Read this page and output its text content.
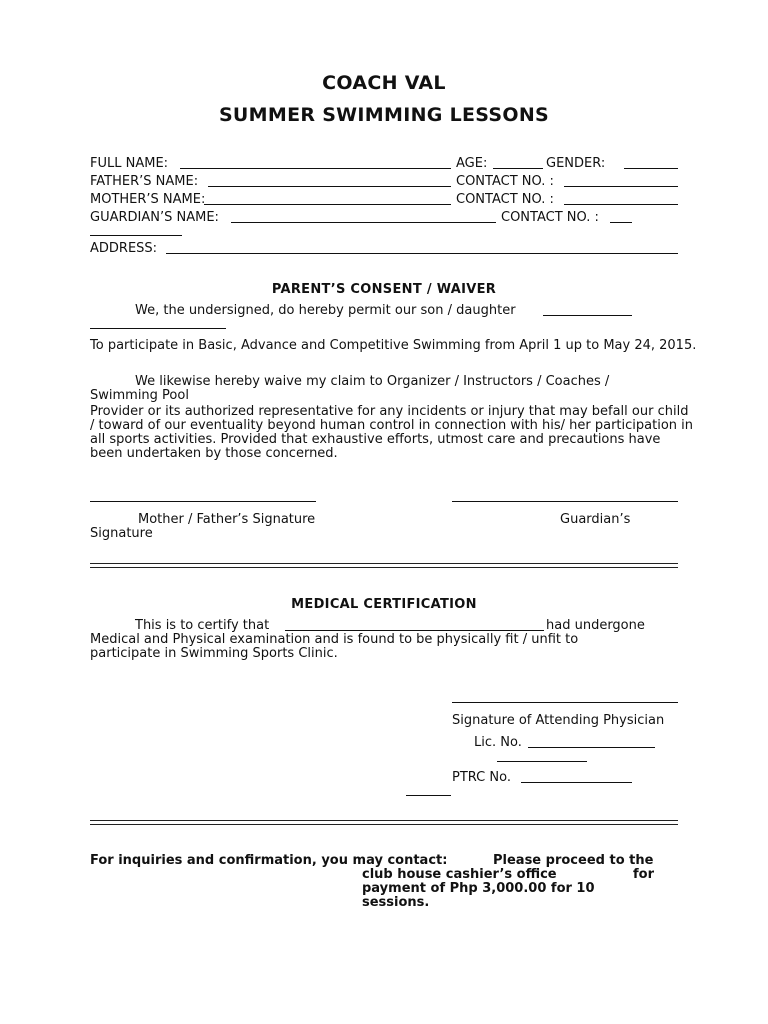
COACH VAL
SUMMER SWIMMING LESSONS
FULL NAME:	AGE:	GENDER:
FATHER’S NAME:	CONTACT NO. :
MOTHER’S NAME:	CONTACT NO. :
GUARDIAN’S NAME:	CONTACT NO. :
ADDRESS:
PARENT’S CONSENT / WAIVER
We, the undersigned, do hereby permit our son / daughter
To participate in Basic, Advance and Competitive Swimming from April 1 up to May 24, 2015.
We likewise hereby waive my claim to Organizer / Instructors / Coaches / Swimming Pool
Provider or its authorized representative for any incidents or injury that may befall our child / toward of our eventuality beyond human control in connection with his/ her participation in all sports activities. Provided that exhaustive efforts, utmost care and precautions have been undertaken by those concerned.
Mother / Father’s Signature	Guardian’s
Signature
MEDICAL CERTIFICATION
This is to certify that	had undergone
Medical and Physical examination and is found to be physically fit / unfit to
participate in Swimming Sports Clinic.
Signature of Attending Physician
Lic. No.
PTRC No.
For inquiries and confirmation, you may contact:	Please proceed to the
club house cashier’s office	for
payment of Php 3,000.00 for 10
sessions.
